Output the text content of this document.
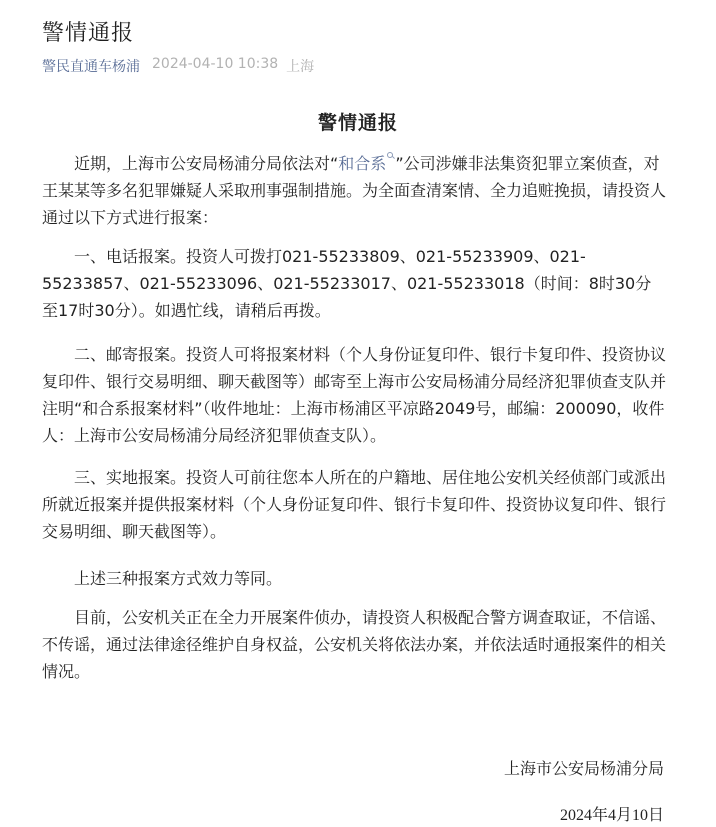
警情通报
警民直通车杨浦 2024-04-10 10:38 上海
警情通报

近期，上海市公安局杨浦分局依法对“和合系 ”公司涉嫌非法集资犯罪立案侦查，对王某某等多名犯罪嫌疑人采取刑事强制措施。为全面查清案情、全力追赃挽损，请投资人通过以下方式进行报案：

一、电话报案。投资人可拨打021-55233809、021-55233909、021-55233857、021-55233096、021-55233017、021-55233018（时间：8时30分至17时30分）。如遇忙线，请稍后再拨。

二、邮寄报案。投资人可将报案材料（个人身份证复印件、银行卡复印件、投资协议复印件、银行交易明细、聊天截图等）邮寄至上海市公安局杨浦分局经济犯罪侦查支队并注明“和合系报案材料”（收件地址：上海市杨浦区平凉路2049号，邮编：200090，收件人：上海市公安局杨浦分局经济犯罪侦查支队）。

三、实地报案。投资人可前往您本人所在的户籍地、居住地公安机关经侦部门或派出所就近报案并提供报案材料（个人身份证复印件、银行卡复印件、投资协议复印件、银行交易明细、聊天截图等）。

上述三种报案方式效力等同。

目前，公安机关正在全力开展案件侦办，请投资人积极配合警方调查取证，不信谣、不传谣，通过法律途径维护自身权益，公安机关将依法办案，并依法适时通报案件的相关情况。

上海市公安局杨浦分局
2024年4月10日
